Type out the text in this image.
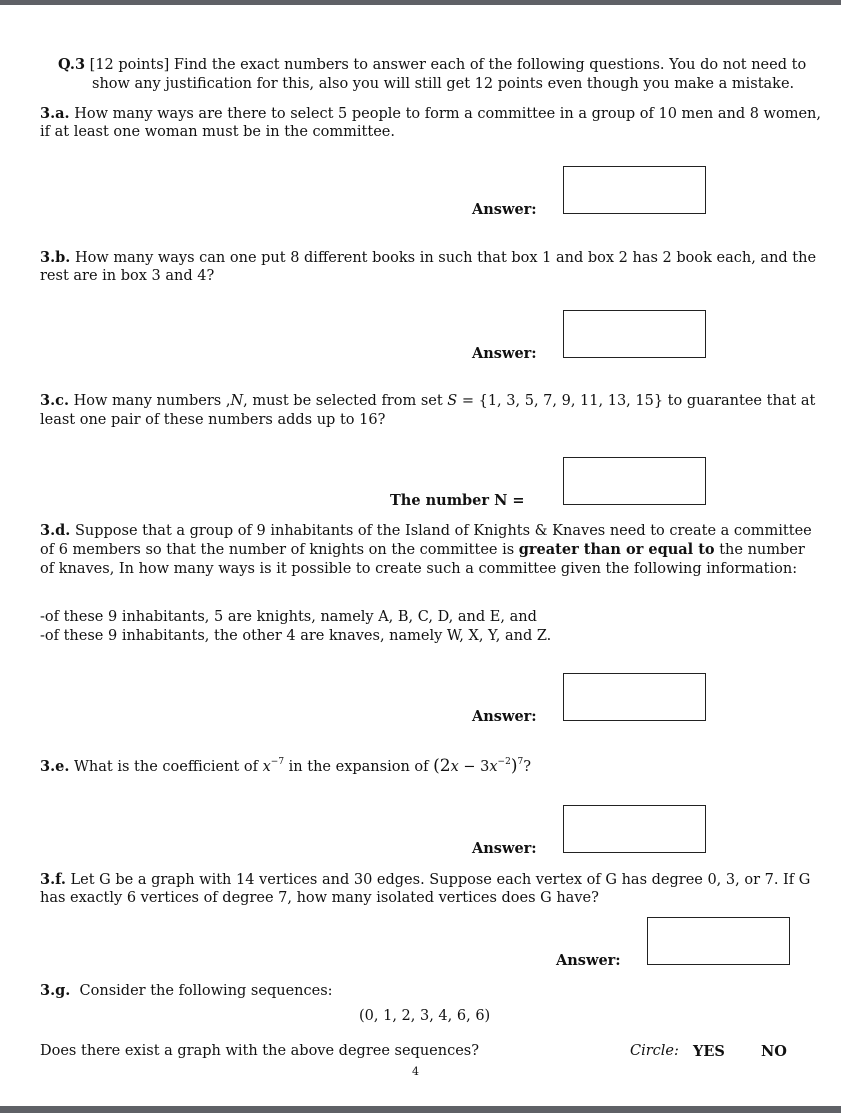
Q.3 [12 points] Find the exact numbers to answer each of the following questions. You do not need to
show any justification for this, also you will still get 12 points even though you make a mistake.
3.a. How many ways are there to select 5 people to form a committee in a group of 10 men and 8 women,
if at least one woman must be in the committee.
Answer:
3.b. How many ways can one put 8 different books in such that box 1 and box 2 has 2 book each, and the
rest are in box 3 and 4?
Answer:
3.c. How many numbers ,N, must be selected from set S = {1, 3, 5, 7, 9, 11, 13, 15} to guarantee that at
least one pair of these numbers adds up to 16?
The number N =
3.d. Suppose that a group of 9 inhabitants of the Island of Knights & Knaves need to create a committee
of 6 members so that the number of knights on the committee is greater than or equal to the number
of knaves, In how many ways is it possible to create such a committee given the following information:
-of these 9 inhabitants, 5 are knights, namely A, B, C, D, and E, and
-of these 9 inhabitants, the other 4 are knaves, namely W, X, Y, and Z.
Answer:
3.e. What is the coefficient of $x^{-7}$ in the expansion of $(2x - 3x^{-2})^7$?
Answer:
3.f. Let G be a graph with 14 vertices and 30 edges. Suppose each vertex of G has degree 0, 3, or 7. If G
has exactly 6 vertices of degree 7, how many isolated vertices does G have?
Answer:
3.g. Consider the following sequences:
(0, 1, 2, 3, 4, 6, 6)
Does there exist a graph with the above degree sequences?	Circle: YES NO
4
